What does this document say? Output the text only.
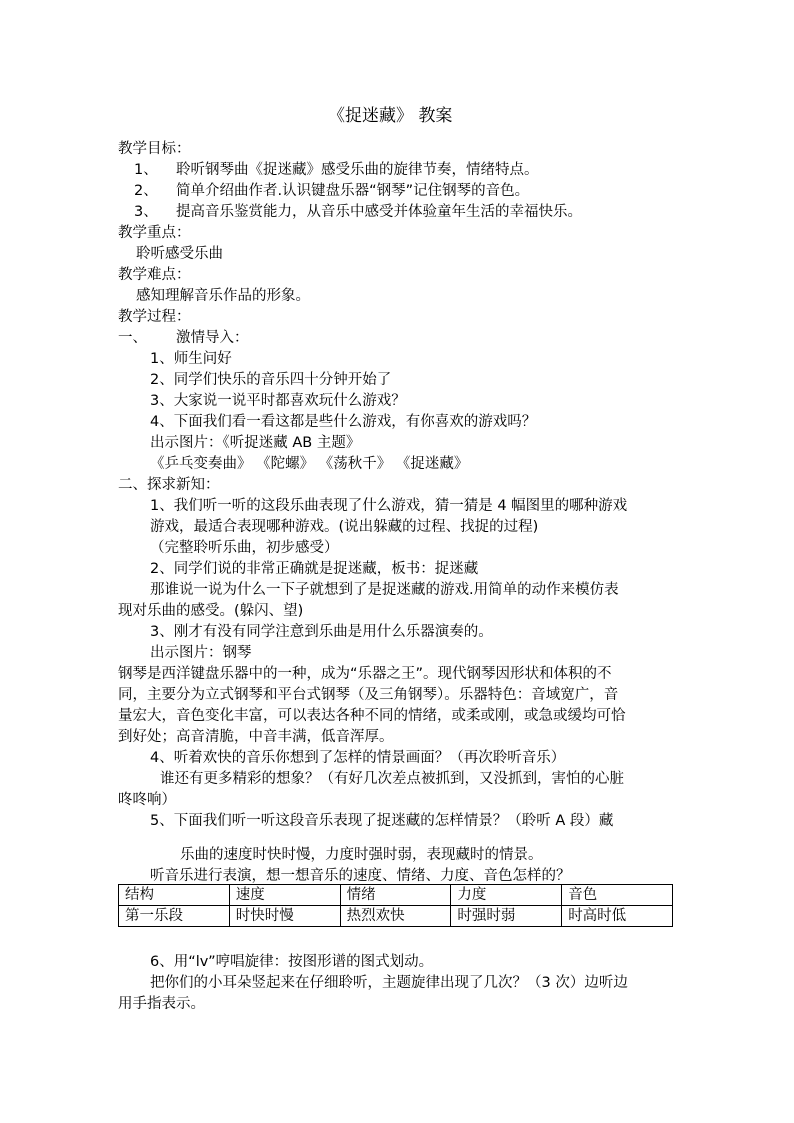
《捉迷藏》 教案
教学目标：
1、 聆听钢琴曲《捉迷藏》感受乐曲的旋律节奏，情绪特点。
2、 简单介绍曲作者.认识键盘乐器“钢琴”记住钢琴的音色。
3、 提高音乐鉴赏能力，从音乐中感受并体验童年生活的幸福快乐。
教学重点：
聆听感受乐曲
教学难点：
感知理解音乐作品的形象。
教学过程：
一、 激情导入：
1、师生问好
2、同学们快乐的音乐四十分钟开始了
3、大家说一说平时都喜欢玩什么游戏？
4、下面我们看一看这都是些什么游戏，有你喜欢的游戏吗？
出示图片：《听捉迷藏 AB 主题》
《乒乓变奏曲》 《陀螺》 《荡秋千》 《捉迷藏》
二、探求新知：
1、我们听一听的这段乐曲表现了什么游戏，猜一猜是 4 幅图里的哪种游戏
游戏，最适合表现哪种游戏。(说出躲藏的过程、找捉的过程)
（完整聆听乐曲，初步感受）
2、同学们说的非常正确就是捉迷藏，板书：捉迷藏
那谁说一说为什么一下子就想到了是捉迷藏的游戏.用简单的动作来模仿表
现对乐曲的感受。(躲闪、望)
3、刚才有没有同学注意到乐曲是用什么乐器演奏的。
出示图片：钢琴
钢琴是西洋键盘乐器中的一种，成为“乐器之王”。现代钢琴因形状和体积的不
同，主要分为立式钢琴和平台式钢琴（及三角钢琴）。乐器特色：音域宽广，音
量宏大，音色变化丰富，可以表达各种不同的情绪，或柔或刚，或急或缓均可恰
到好处；高音清脆，中音丰满，低音浑厚。
4、听着欢快的音乐你想到了怎样的情景画面？（再次聆听音乐）
谁还有更多精彩的想象？（有好几次差点被抓到，又没抓到，害怕的心脏
咚咚响）
5、下面我们听一听这段音乐表现了捉迷藏的怎样情景？（聆听 A 段）藏
乐曲的速度时快时慢，力度时强时弱，表现藏时的情景。
听音乐进行表演，想一想音乐的速度、情绪、力度、音色怎样的？
结构	速度	情绪	力度	音色
第一乐段	时快时慢	热烈欢快	时强时弱	时高时低
6、用“lv”哼唱旋律：按图形谱的图式划动。
把你们的小耳朵竖起来在仔细聆听，主题旋律出现了几次？（3 次）边听边
用手指表示。
